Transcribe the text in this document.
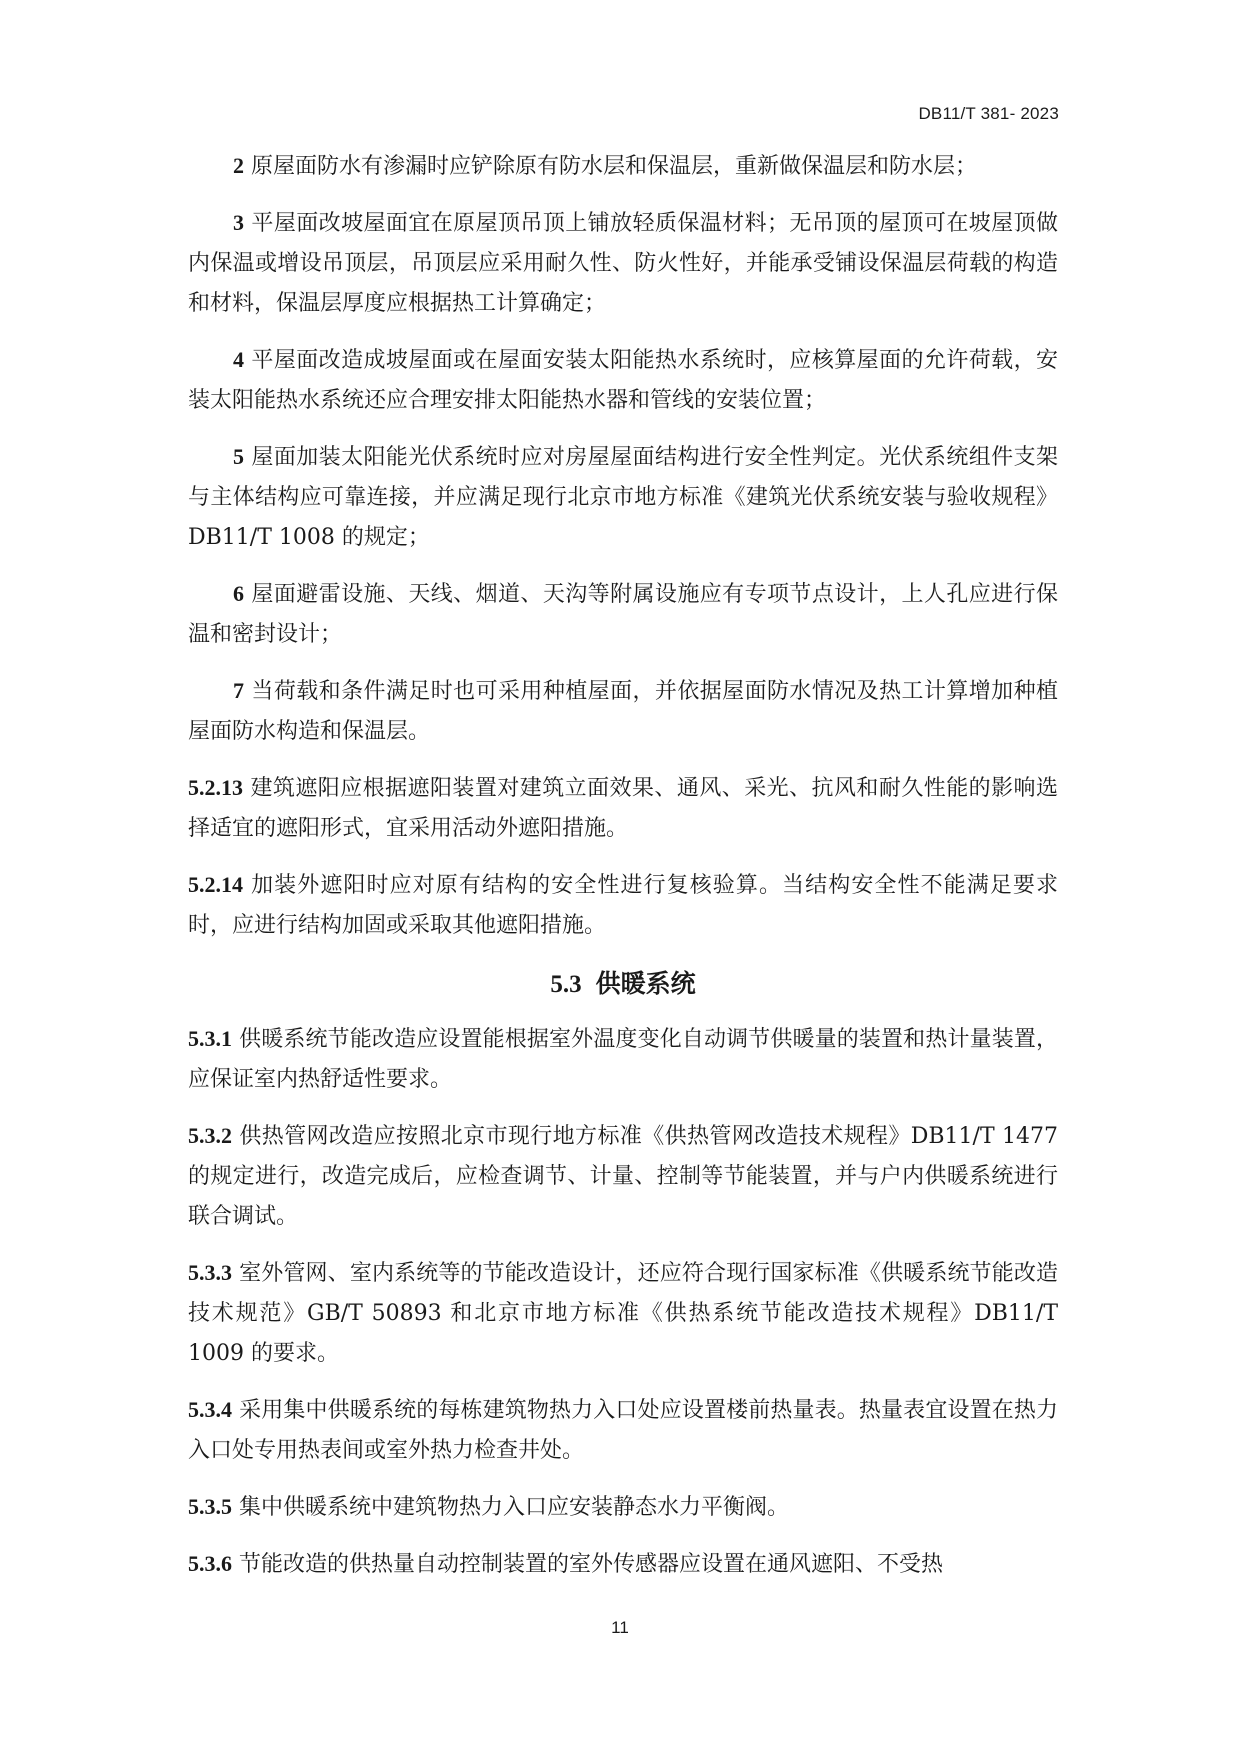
DB11/T 381- 2023

2 原屋面防水有渗漏时应铲除原有防水层和保温层，重新做保温层和防水层；

3 平屋面改坡屋面宜在原屋顶吊顶上铺放轻质保温材料；无吊顶的屋顶可在坡屋顶做内保温或增设吊顶层，吊顶层应采用耐久性、防火性好，并能承受铺设保温层荷载的构造和材料，保温层厚度应根据热工计算确定；

4 平屋面改造成坡屋面或在屋面安装太阳能热水系统时，应核算屋面的允许荷载，安装太阳能热水系统还应合理安排太阳能热水器和管线的安装位置；

5 屋面加装太阳能光伏系统时应对房屋屋面结构进行安全性判定。光伏系统组件支架与主体结构应可靠连接，并应满足现行北京市地方标准《建筑光伏系统安装与验收规程》DB11/T 1008 的规定；

6 屋面避雷设施、天线、烟道、天沟等附属设施应有专项节点设计，上人孔应进行保温和密封设计；

7 当荷载和条件满足时也可采用种植屋面，并依据屋面防水情况及热工计算增加种植屋面防水构造和保温层。

5.2.13 建筑遮阳应根据遮阳装置对建筑立面效果、通风、采光、抗风和耐久性能的影响选择适宜的遮阳形式，宜采用活动外遮阳措施。

5.2.14 加装外遮阳时应对原有结构的安全性进行复核验算。当结构安全性不能满足要求时，应进行结构加固或采取其他遮阳措施。

5.3 供暖系统

5.3.1 供暖系统节能改造应设置能根据室外温度变化自动调节供暖量的装置和热计量装置，应保证室内热舒适性要求。

5.3.2 供热管网改造应按照北京市现行地方标准《供热管网改造技术规程》DB11/T 1477 的规定进行，改造完成后，应检查调节、计量、控制等节能装置，并与户内供暖系统进行联合调试。

5.3.3 室外管网、室内系统等的节能改造设计，还应符合现行国家标准《供暖系统节能改造技术规范》GB/T 50893 和北京市地方标准《供热系统节能改造技术规程》DB11/T 1009 的要求。

5.3.4 采用集中供暖系统的每栋建筑物热力入口处应设置楼前热量表。热量表宜设置在热力入口处专用热表间或室外热力检查井处。

5.3.5 集中供暖系统中建筑物热力入口应安装静态水力平衡阀。

5.3.6 节能改造的供热量自动控制装置的室外传感器应设置在通风遮阳、不受热

11
